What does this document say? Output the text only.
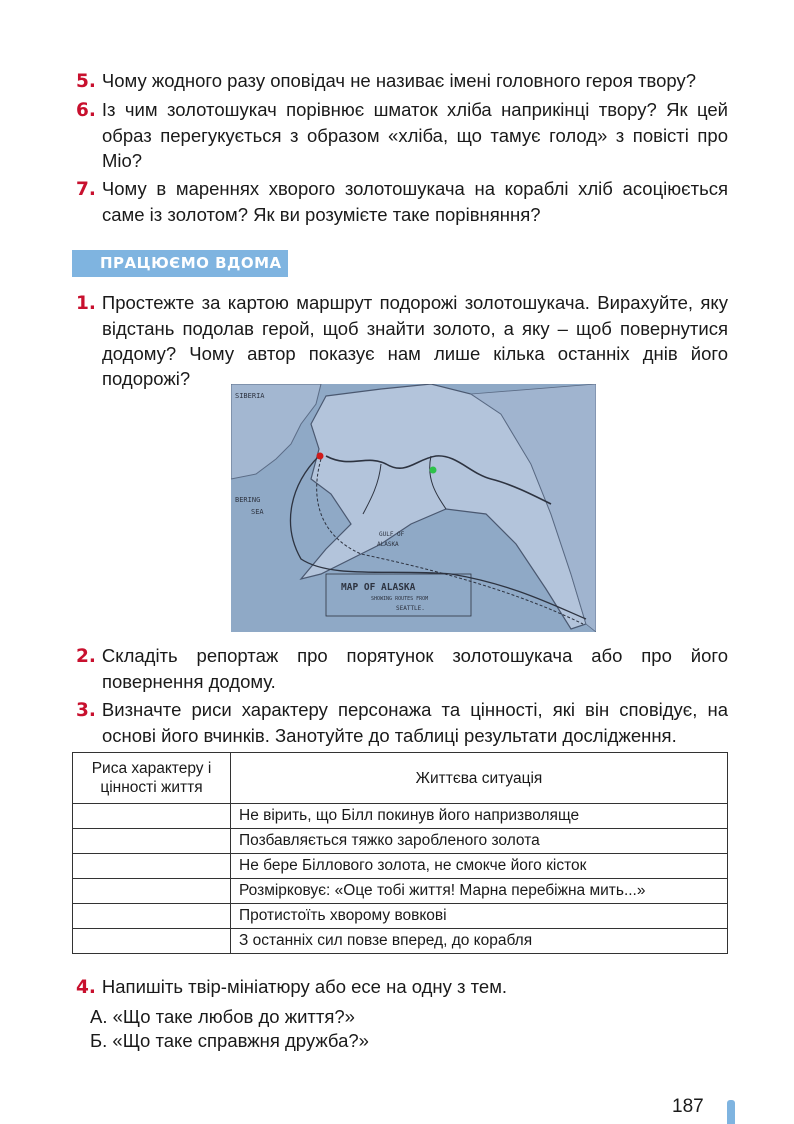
5. Чому жодного разу оповідач не називає імені головного героя твору?
6. Із чим золотошукач порівнює шматок хліба наприкінці твору? Як цей образ перегукується з образом «хліба, що тамує голод» з повісті про Міо?
7. Чому в мареннях хворого золотошукача на кораблі хліб асоціюється саме із золотом? Як ви розумієте таке порівняння?
ПРАЦЮЄМО ВДОМА
1. Простежте за картою маршрут подорожі золотошукача. Вирахуйте, яку відстань подолав герой, щоб знайти золото, а яку – щоб повернутися додому? Чому автор показує нам лише кілька останніх днів його подорожі?
SIBERIA
BERING
SEA
GULF OF
ALASKA
MAP OF ALASKA
SHOWING ROUTES FROM
SEATTLE.
2. Складіть репортаж про порятунок золотошукача або про його повернення додому.
3. Визначте риси характеру персонажа та цінності, які він сповідує, на основі його вчинків. Занотуйте до таблиці результати дослідження.
Риса характеру і цінності життя	Життєва ситуація
	Не вірить, що Білл покинув його напризволяще
	Позбавляється тяжко заробленого золота
	Не бере Біллового золота, не смокче його кісток
	Розмірковує: «Оце тобі життя! Марна перебіжна мить...»
	Протистоїть хворому вовкові
	З останніх сил повзе вперед, до корабля
4. Напишіть твір-мініатюру або есе на одну з тем.
А. «Що таке любов до життя?»
Б. «Що таке справжня дружба?»
187
